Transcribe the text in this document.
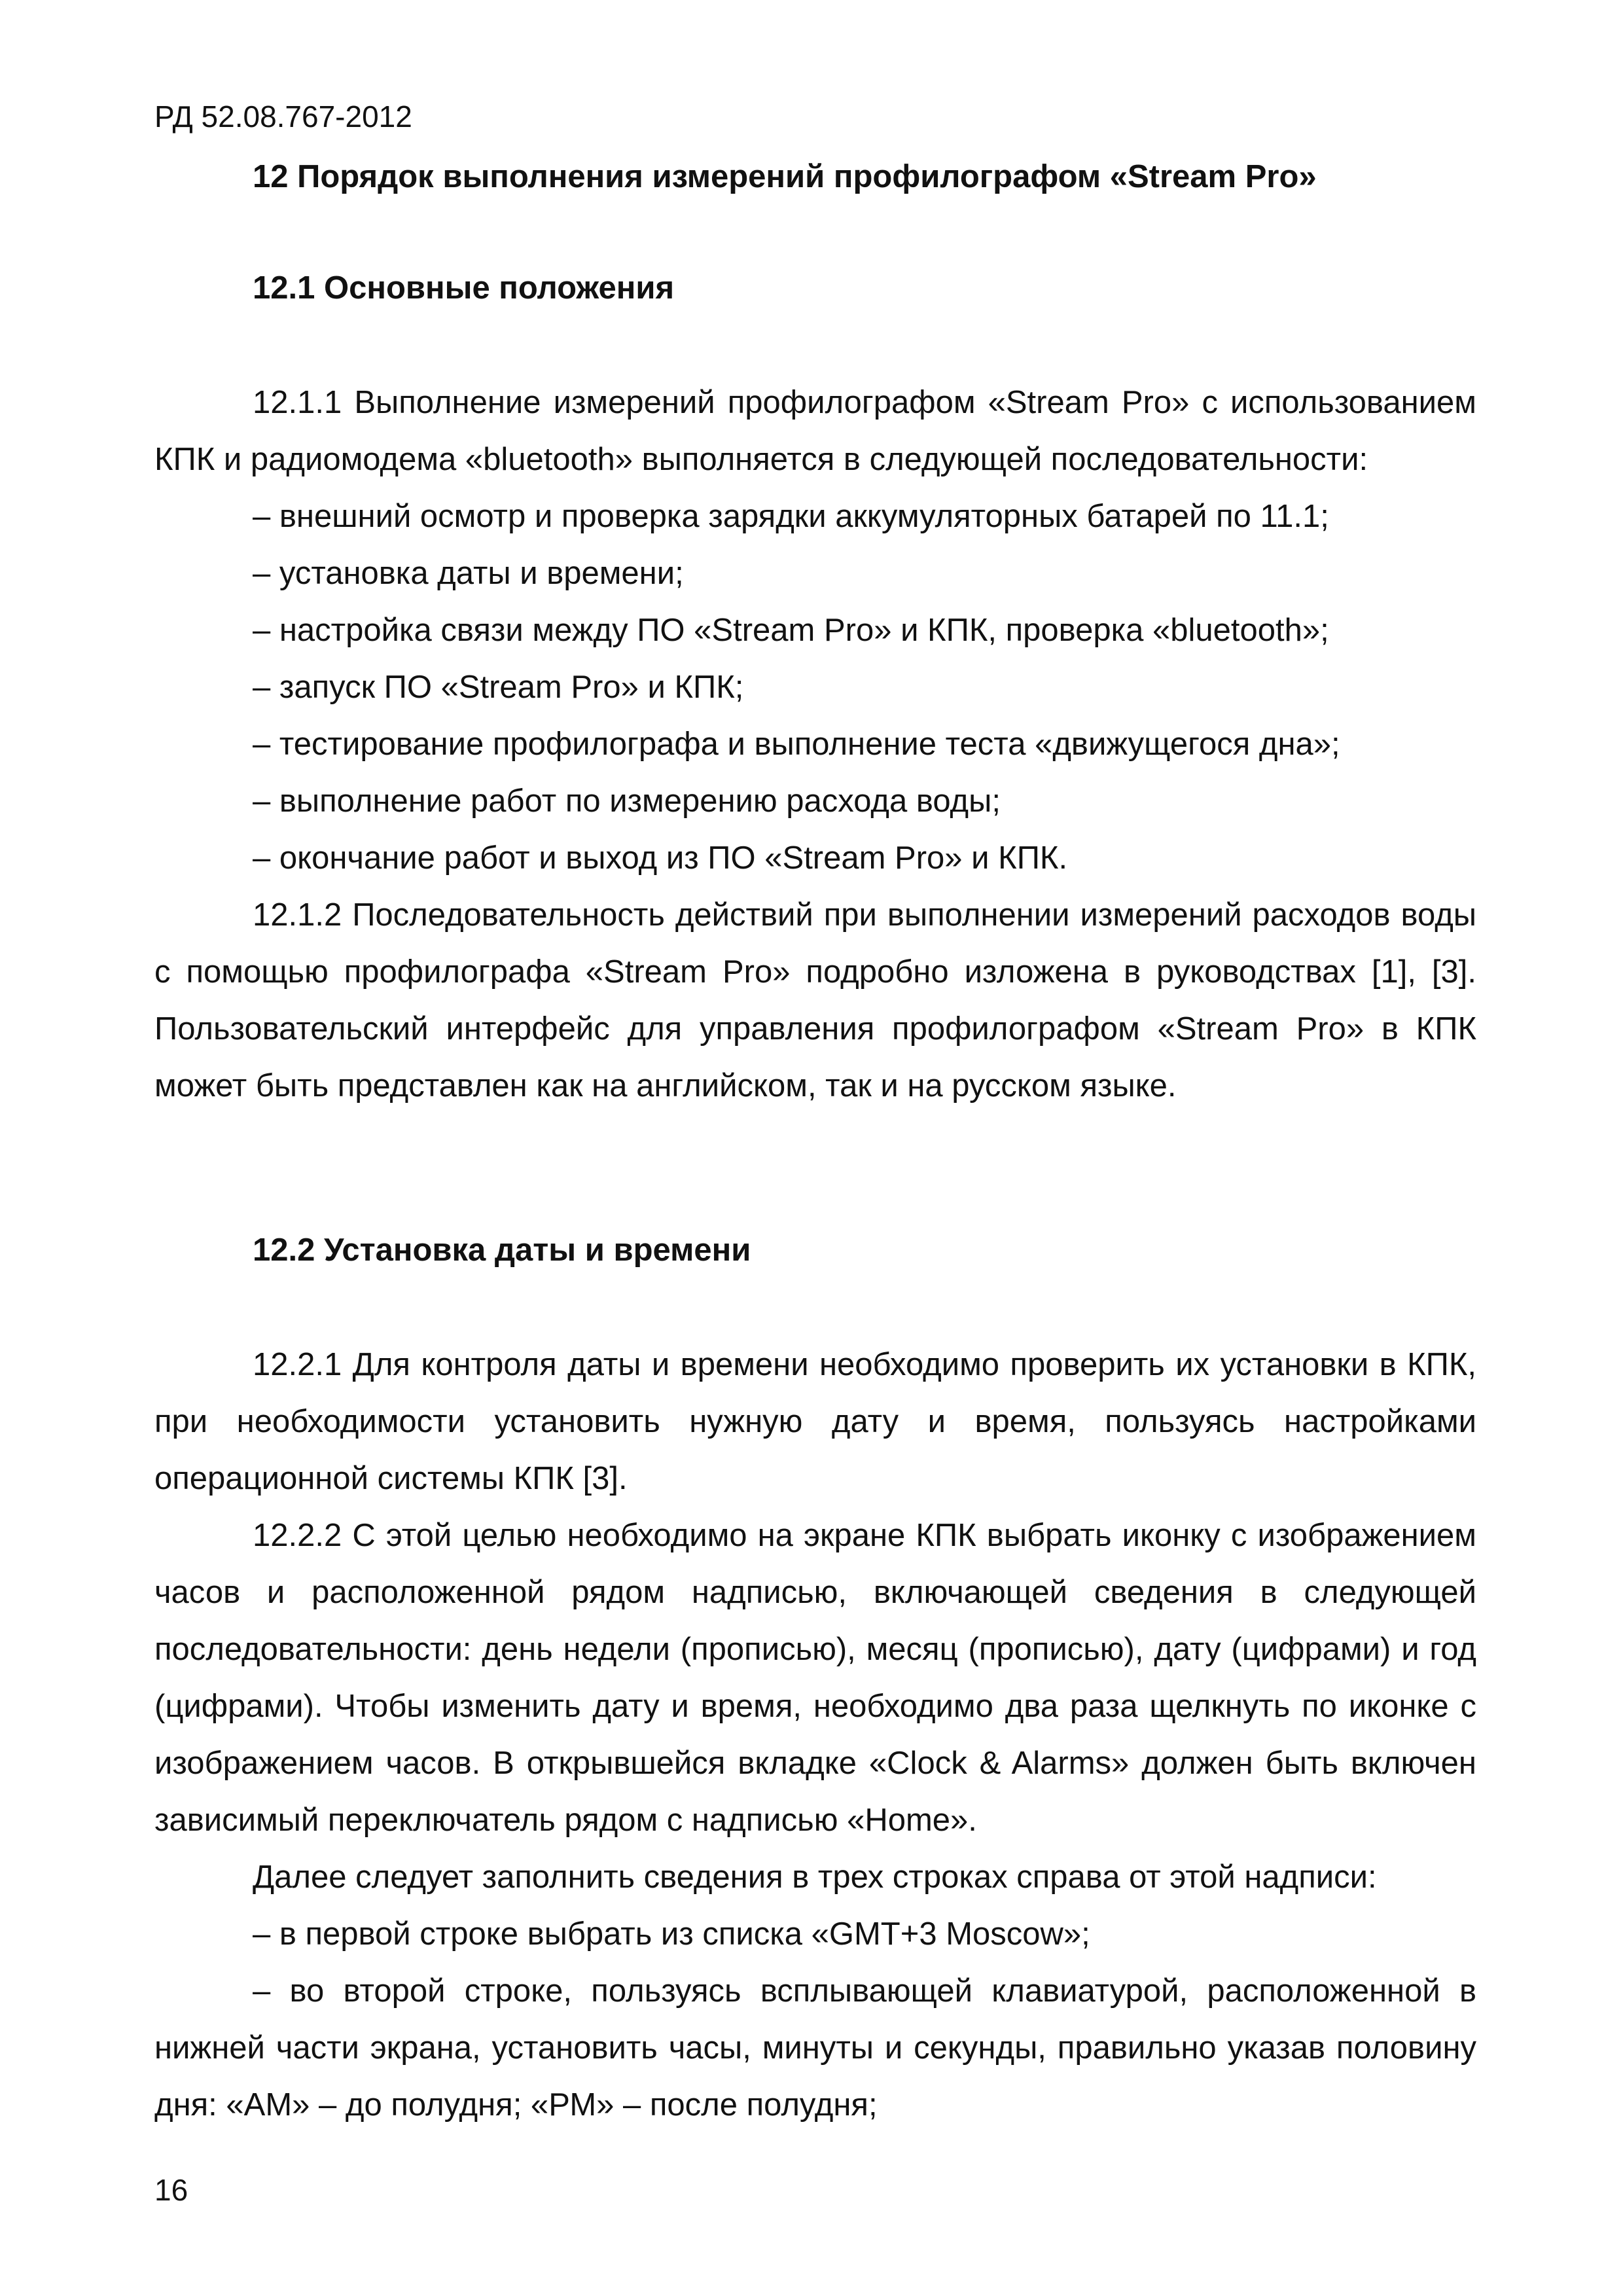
РД 52.08.767-2012
12 Порядок выполнения измерений профилографом «Stream Pro»
12.1 Основные положения

12.1.1 Выполнение измерений профилографом «Stream Pro» с использованием КПК и радиомодема «bluetooth» выполняется в следующей последовательности:

– внешний осмотр и проверка зарядки аккумуляторных батарей по 11.1;

– установка даты и времени;

– настройка связи между ПО «Stream Pro» и КПК, проверка «bluetooth»;

– запуск ПО «Stream Pro» и КПК;

– тестирование профилографа и выполнение теста «движущегося дна»;

– выполнение работ по измерению расхода воды;

– окончание работ и выход из ПО «Stream Pro» и КПК.

12.1.2 Последовательность действий при выполнении измерений расходов воды с помощью профилографа «Stream Pro» подробно изложена в руководствах [1], [3]. Пользовательский интерфейс для управления профилографом «Stream Pro» в КПК может быть представлен как на английском, так и на русском языке.

12.2 Установка даты и времени

12.2.1 Для контроля даты и времени необходимо проверить их установки в КПК, при необходимости установить нужную дату и время, пользуясь настройками операционной системы КПК [3].

12.2.2 С этой целью необходимо на экране КПК выбрать иконку с изображением часов и расположенной рядом надписью, включающей сведения в следующей последовательности: день недели (прописью), месяц (прописью), дату (цифрами) и год (цифрами). Чтобы изменить дату и время, необходимо два раза щелкнуть по иконке с изображением часов. В открывшейся вкладке «Clock & Alarms» должен быть включен зависимый переключатель рядом с надписью «Home».

Далее следует заполнить сведения в трех строках справа от этой надписи:

– в первой строке выбрать из списка «GMT+3 Moscow»;

– во второй строке, пользуясь всплывающей клавиатурой, расположенной в нижней части экрана, установить часы, минуты и секунды, правильно указав половину дня: «АМ» – до полудня; «РМ» – после полудня;

16
